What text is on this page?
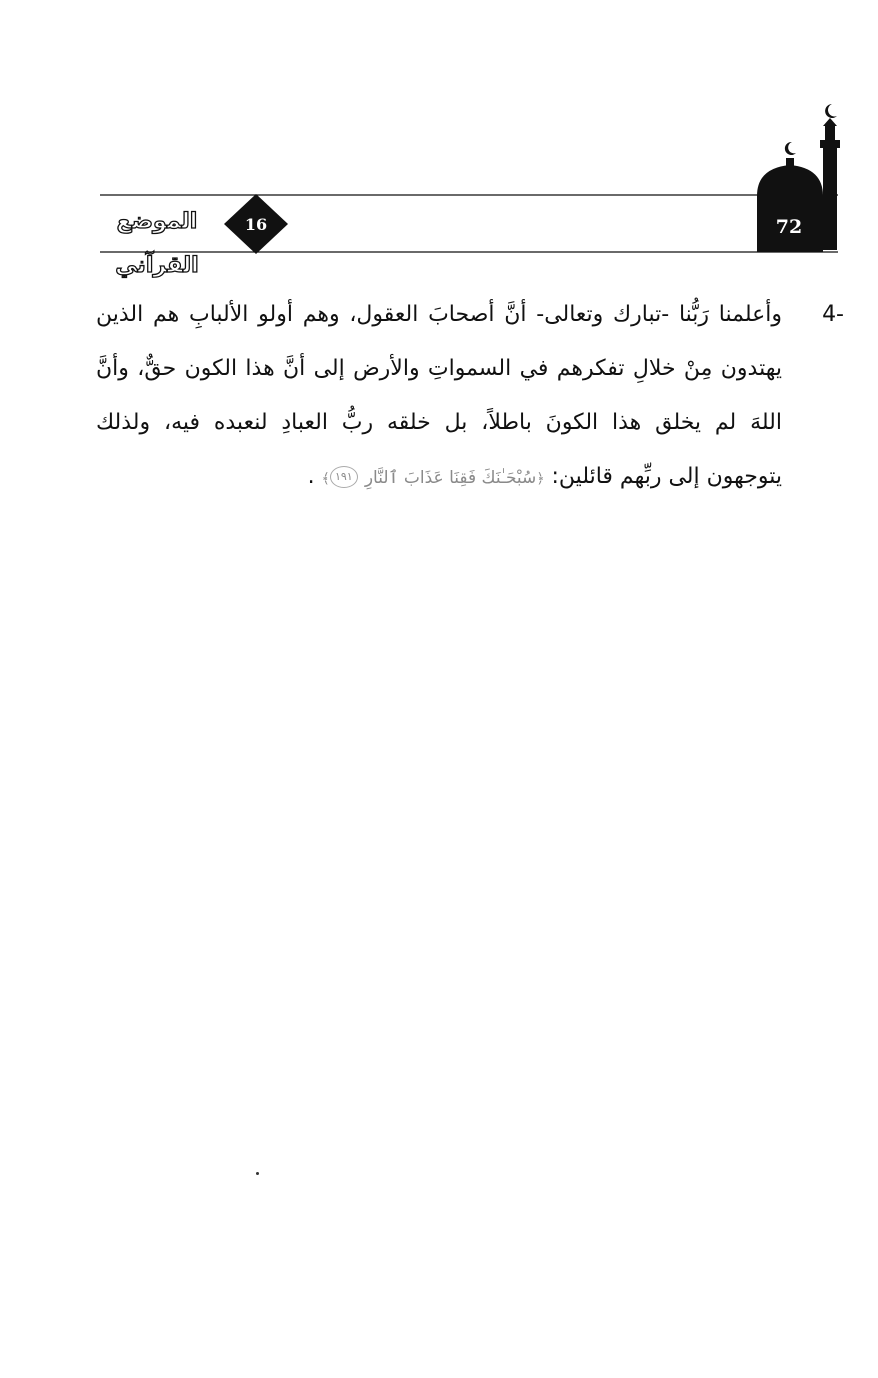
72
16
الموضع القرآني
4-
وأعلمنا رَبُّنا -تبارك وتعالى- أنَّ أصحابَ العقول، وهم أولو الألبابِ هم الذين يهتدون مِنْ خلالِ تفكرهم في السمواتِ والأرض إلى أنَّ هذا الكون حقٌّ، وأنَّ اللهَ لم يخلق هذا الكونَ باطلاً، بل خلقه ربُّ العبادِ لنعبده فيه، ولذلك يتوجهون إلى ربِّهم قائلين: ﴿سُبْحَـٰنَكَ فَقِنَا عَذَابَ ٱلنَّارِ ١٩١﴾ .
